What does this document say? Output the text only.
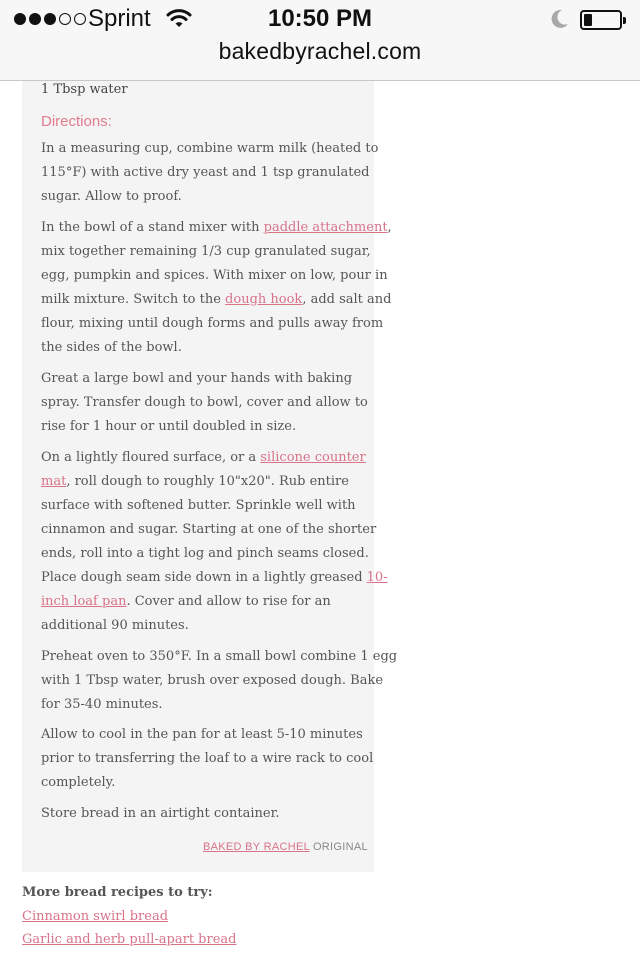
1 Tbsp water
Directions:
In a measuring cup, combine warm milk (heated to
115°F) with active dry yeast and 1 tsp granulated
sugar. Allow to proof.
In the bowl of a stand mixer with paddle attachment,
mix together remaining 1/3 cup granulated sugar,
egg, pumpkin and spices. With mixer on low, pour in
milk mixture. Switch to the dough hook, add salt and
flour, mixing until dough forms and pulls away from
the sides of the bowl.
Great a large bowl and your hands with baking
spray. Transfer dough to bowl, cover and allow to
rise for 1 hour or until doubled in size.
On a lightly floured surface, or a silicone counter
mat, roll dough to roughly 10"x20". Rub entire
surface with softened butter. Sprinkle well with
cinnamon and sugar. Starting at one of the shorter
ends, roll into a tight log and pinch seams closed.
Place dough seam side down in a lightly greased 10-
inch loaf pan. Cover and allow to rise for an
additional 90 minutes.
Preheat oven to 350°F. In a small bowl combine 1 egg
with 1 Tbsp water, brush over exposed dough. Bake
for 35-40 minutes.
Allow to cool in the pan for at least 5-10 minutes
prior to transferring the loaf to a wire rack to cool
completely.
Store bread in an airtight container.
BAKED BY RACHEL ORIGINAL
More bread recipes to try:
Cinnamon swirl bread
Garlic and herb pull-apart bread
Sprint	10:50 PM
bakedbyrachel.com
